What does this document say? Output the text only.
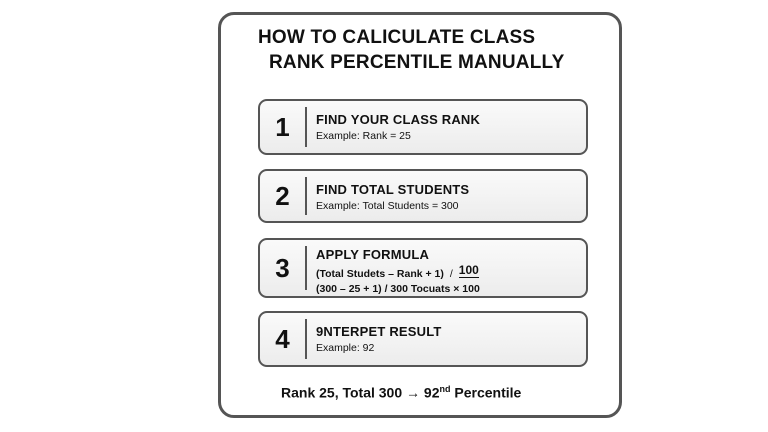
HOW TO CALICULATE CLASS
RANK PERCENTILE MANUALLY
1	FIND YOUR CLASS RANK
Example: Rank = 25
2	FIND TOTAL STUDENTS
Example: Total Students = 300
3	APPLY FORMULA
(Total Studets – Rank + 1) / 100
(300 – 25 + 1) / 300 Tocuats × 100
4	9NTERPET RESULT
Example: 92
Rank 25, Total 300 → 92nd Percentile
